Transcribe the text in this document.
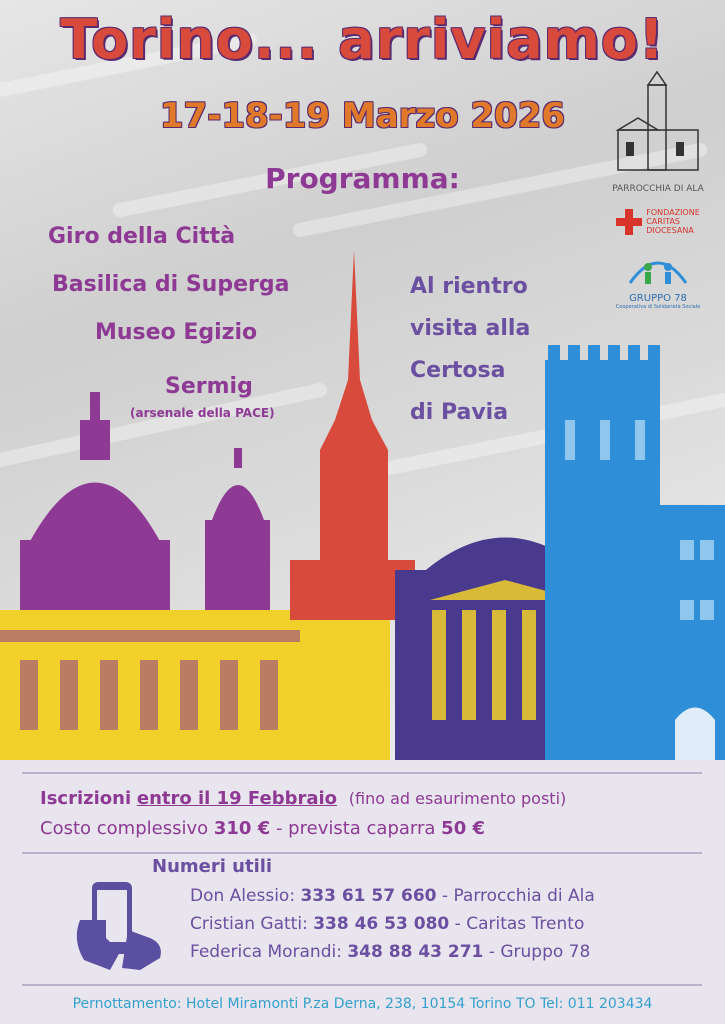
Torino... arriviamo!
17-18-19 Marzo 2026
Programma:
Giro della Città
Basilica di Superga
Museo Egizio
Sermig
(arsenale della PACE)
Al rientro
visita alla
Certosa
di Pavia
PARROCCHIA DI ALA
FONDAZIONE
CARITAS
DIOCESANA
GRUPPO 78
Cooperativa di Solidarietà Sociale
Iscrizioni entro il 19 Febbraio (fino ad esaurimento posti)
Costo complessivo 310 € - prevista caparra 50 €
Numeri utili
Don Alessio: 333 61 57 660 - Parrocchia di Ala
Cristian Gatti: 338 46 53 080 - Caritas Trento
Federica Morandi: 348 88 43 271 - Gruppo 78
Pernottamento: Hotel Miramonti P.za Derna, 238, 10154 Torino TO Tel: 011 203434
